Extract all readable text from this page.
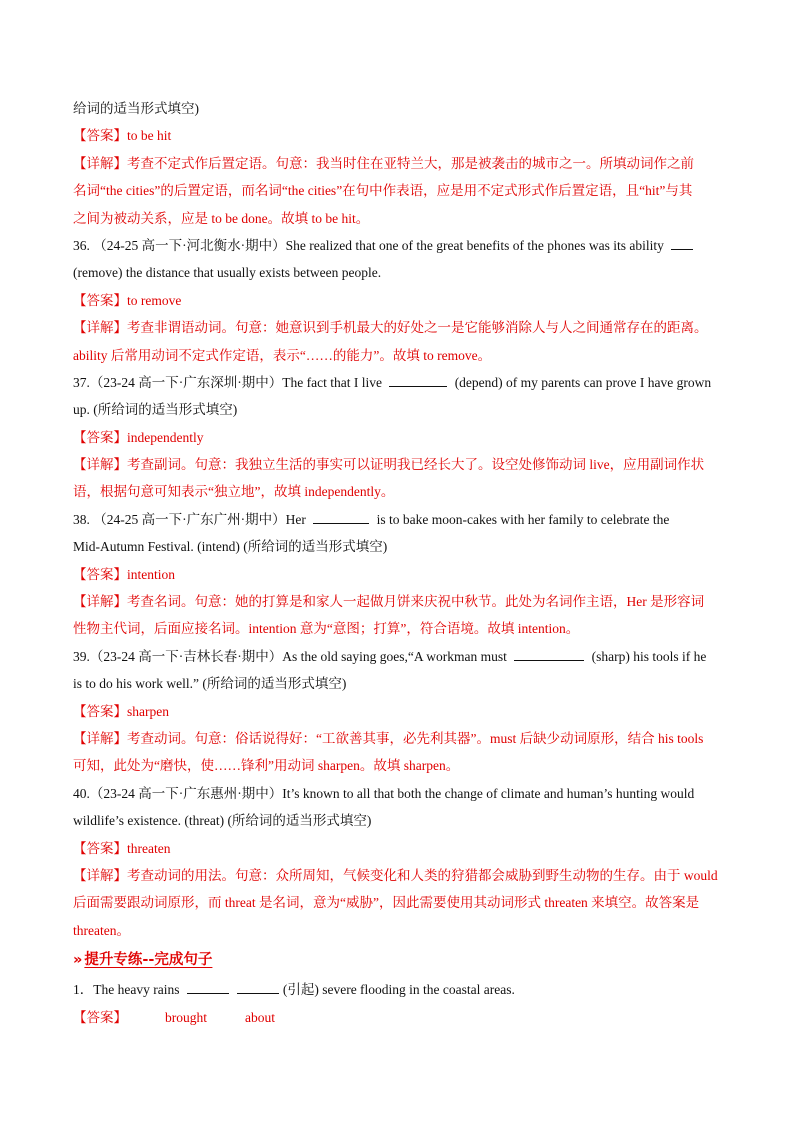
给词的适当形式填空)
【答案】to be hit
【详解】考查不定式作后置定语。句意：我当时住在亚特兰大，那是被袭击的城市之一。所填动词作之前
名词“the cities”的后置定语，而名词“the cities”在句中作表语，应是用不定式形式作后置定语，且“hit”与其
之间为被动关系，应是 to be done。故填 to be hit。
36. （24-25 高一下·河北衡水·期中）She realized that one of the great benefits of the phones was its ability
(remove) the distance that usually exists between people.
【答案】to remove
【详解】考查非谓语动词。句意：她意识到手机最大的好处之一是它能够消除人与人之间通常存在的距离。
ability 后常用动词不定式作定语，表示“……的能力”。故填 to remove。
37.（23-24 高一下·广东深圳·期中）The fact that I live	(depend) of my parents can prove I have grown
up. (所给词的适当形式填空)
【答案】independently
【详解】考查副词。句意：我独立生活的事实可以证明我已经长大了。设空处修饰动词 live，应用副词作状
语，根据句意可知表示“独立地”，故填 independently。
38. （24-25 高一下·广东广州·期中）Her	is to bake moon-cakes with her family to celebrate the
Mid-Autumn Festival. (intend) (所给词的适当形式填空)
【答案】intention
【详解】考查名词。句意：她的打算是和家人一起做月饼来庆祝中秋节。此处为名词作主语，Her 是形容词
性物主代词，后面应接名词。intention 意为“意图；打算”，符合语境。故填 intention。
39.（23-24 高一下·吉林长春·期中）As the old saying goes,“A workman must	(sharp) his tools if he
is to do his work well.” (所给词的适当形式填空)
【答案】sharpen
【详解】考查动词。句意：俗话说得好：“工欲善其事，必先利其器”。must 后缺少动词原形，结合 his tools
可知，此处为“磨快，使……锋利”用动词 sharpen。故填 sharpen。
40.（23-24 高一下·广东惠州·期中）It’s known to all that both the change of climate and human’s hunting would
wildlife’s existence. (threat) (所给词的适当形式填空)
【答案】threaten
【详解】考查动词的用法。句意：众所周知，气候变化和人类的狩猎都会威胁到野生动物的生存。由于 would
后面需要跟动词原形，而 threat 是名词，意为“威胁”，因此需要使用其动词形式 threaten 来填空。故答案是
threaten。
» 提升专练--完成句子
1．The heavy rains	(引起) severe flooding in the coastal areas.
【答案】	brought	about
